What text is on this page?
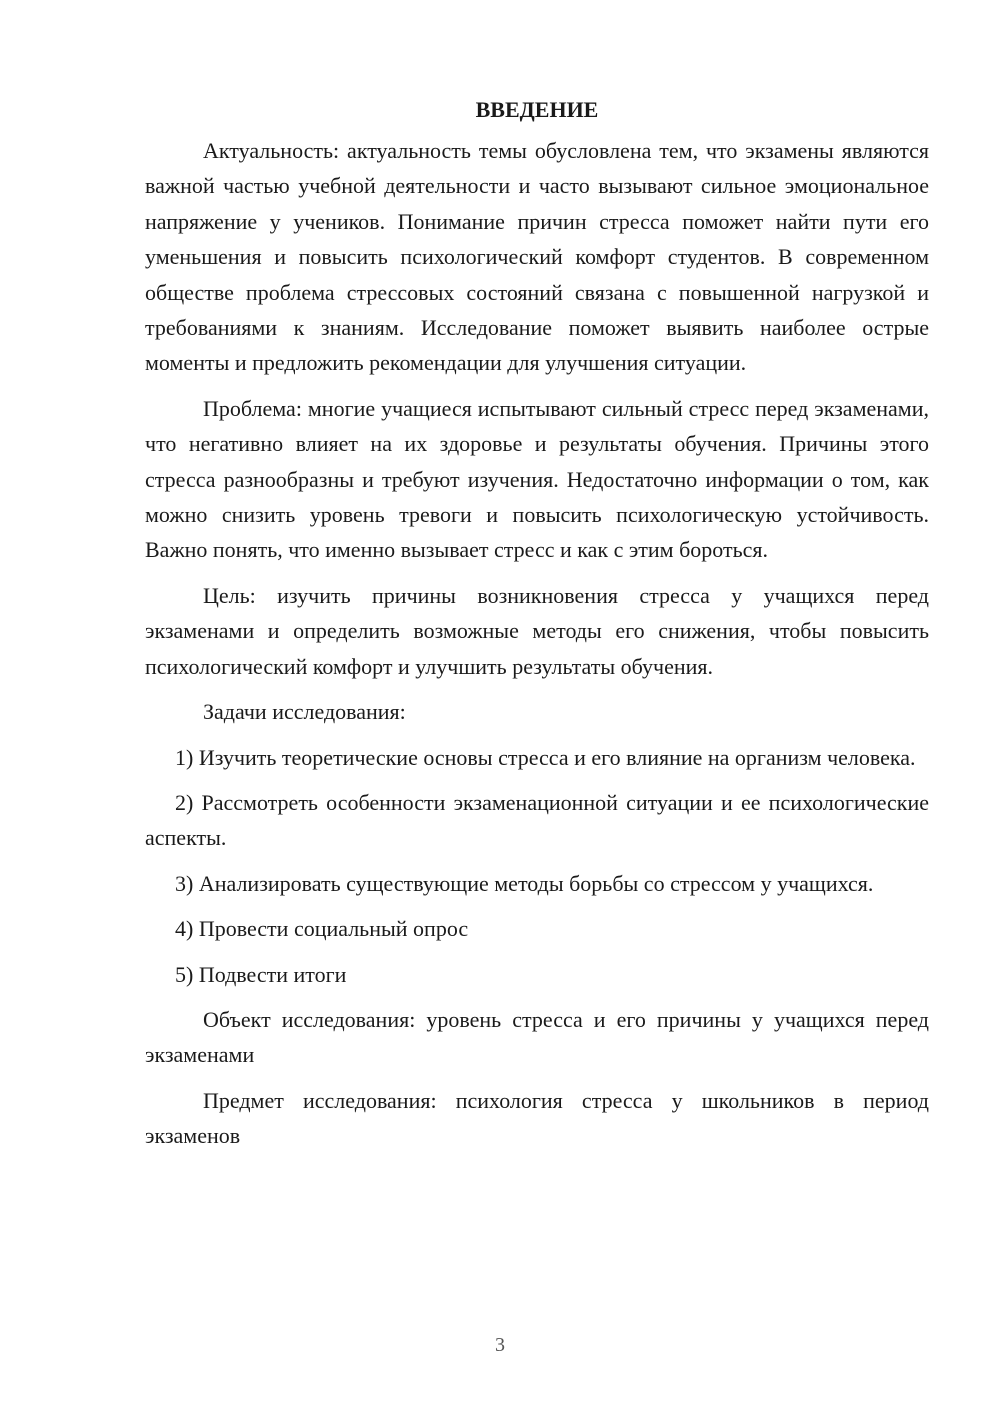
ВВЕДЕНИЕ

Актуальность: актуальность темы обусловлена тем, что экзамены являются важной частью учебной деятельности и часто вызывают сильное эмоциональное напряжение у учеников. Понимание причин стресса поможет найти пути его уменьшения и повысить психологический комфорт студентов. В современном обществе проблема стрессовых состояний связана с повышенной нагрузкой и требованиями к знаниям. Исследование поможет выявить наиболее острые моменты и предложить рекомендации для улучшения ситуации.

Проблема: многие учащиеся испытывают сильный стресс перед экзаменами, что негативно влияет на их здоровье и результаты обучения. Причины этого стресса разнообразны и требуют изучения. Недостаточно информации о том, как можно снизить уровень тревоги и повысить психологическую устойчивость. Важно понять, что именно вызывает стресс и как с этим бороться.

Цель: изучить причины возникновения стресса у учащихся перед экзаменами и определить возможные методы его снижения, чтобы повысить психологический комфорт и улучшить результаты обучения.

Задачи исследования:

1) Изучить теоретические основы стресса и его влияние на организм человека.

2) Рассмотреть особенности экзаменационной ситуации и ее психологические аспекты.

3) Анализировать существующие методы борьбы со стрессом у учащихся.

4) Провести социальный опрос

5) Подвести итоги

Объект исследования: уровень стресса и его причины у учащихся перед экзаменами

Предмет исследования: психология стресса у школьников в период экзаменов

3
